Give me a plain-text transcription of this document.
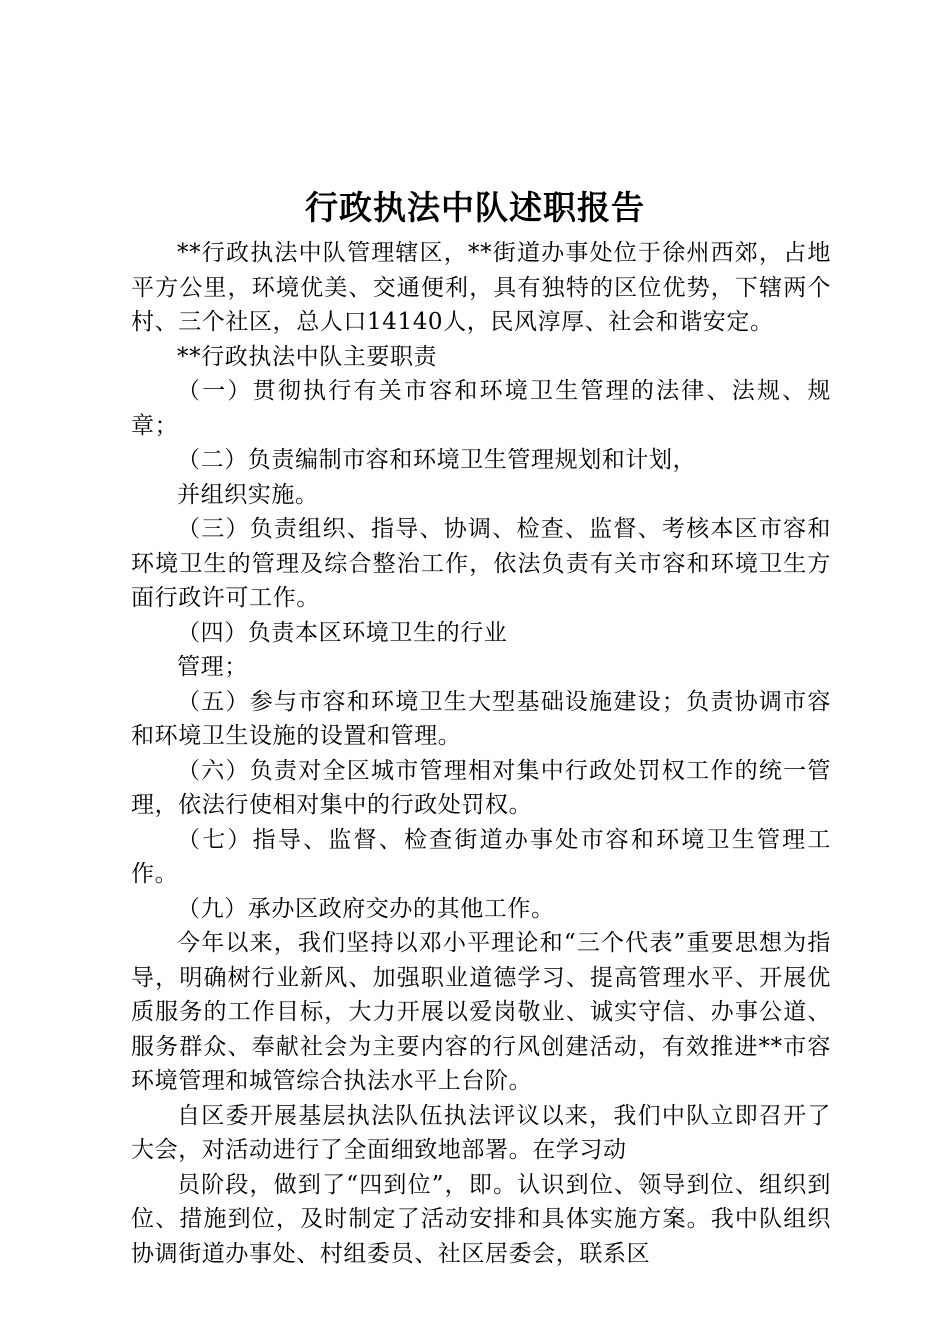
行政执法中队述职报告

**行政执法中队管理辖区，**街道办事处位于徐州西郊，占地平方公里，环境优美、交通便利，具有独特的区位优势，下辖两个村、三个社区，总人口14140人，民风淳厚、社会和谐安定。

**行政执法中队主要职责

（一）贯彻执行有关市容和环境卫生管理的法律、法规、规章；

（二）负责编制市容和环境卫生管理规划和计划，

并组织实施。

（三）负责组织、指导、协调、检查、监督、考核本区市容和环境卫生的管理及综合整治工作，依法负责有关市容和环境卫生方面行政许可工作。

（四）负责本区环境卫生的行业

管理；

（五）参与市容和环境卫生大型基础设施建设；负责协调市容和环境卫生设施的设置和管理。

（六）负责对全区城市管理相对集中行政处罚权工作的统一管理，依法行使相对集中的行政处罚权。

（七）指导、监督、检查街道办事处市容和环境卫生管理工作。

（九）承办区政府交办的其他工作。

今年以来，我们坚持以邓小平理论和“三个代表”重要思想为指导，明确树行业新风、加强职业道德学习、提高管理水平、开展优质服务的工作目标，大力开展以爱岗敬业、诚实守信、办事公道、服务群众、奉献社会为主要内容的行风创建活动，有效推进**市容环境管理和城管综合执法水平上台阶。

自区委开展基层执法队伍执法评议以来，我们中队立即召开了大会，对活动进行了全面细致地部署。在学习动

员阶段，做到了“四到位”，即。认识到位、领导到位、组织到位、措施到位，及时制定了活动安排和具体实施方案。我中队组织协调街道办事处、村组委员、社区居委会，联系区
